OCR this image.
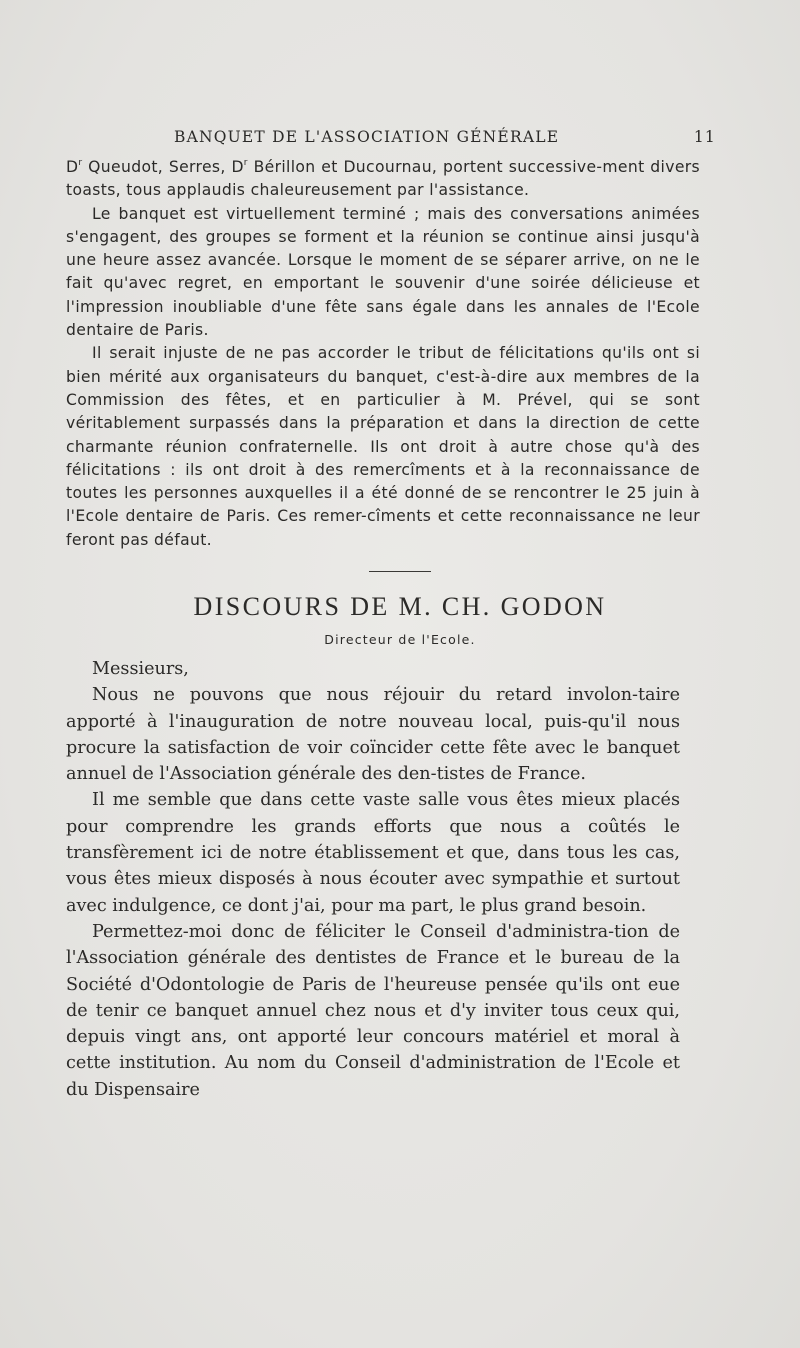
BANQUET DE L'ASSOCIATION GÉNÉRALE	11

$D^r$ Queudot, Serres, $D^r$ Bérillon et Ducournau, portent successive-ment divers toasts, tous applaudis chaleureusement par l'assistance.

Le banquet est virtuellement terminé ; mais des conversations animées s'engagent, des groupes se forment et la réunion se continue ainsi jusqu'à une heure assez avancée. Lorsque le moment de se séparer arrive, on ne le fait qu'avec regret, en emportant le souvenir d'une soirée délicieuse et l'impression inoubliable d'une fête sans égale dans les annales de l'Ecole dentaire de Paris.

Il serait injuste de ne pas accorder le tribut de félicitations qu'ils ont si bien mérité aux organisateurs du banquet, c'est-à-dire aux membres de la Commission des fêtes, et en particulier à M. Prével, qui se sont véritablement surpassés dans la préparation et dans la direction de cette charmante réunion confraternelle. Ils ont droit à autre chose qu'à des félicitations : ils ont droit à des remercîments et à la reconnaissance de toutes les personnes auxquelles il a été donné de se rencontrer le 25 juin à l'Ecole dentaire de Paris. Ces remer-cîments et cette reconnaissance ne leur feront pas défaut.

DISCOURS DE M. CH. GODON
Directeur de l'Ecole.

Messieurs,

Nous ne pouvons que nous réjouir du retard involon-taire apporté à l'inauguration de notre nouveau local, puis-qu'il nous procure la satisfaction de voir coïncider cette fête avec le banquet annuel de l'Association générale des den-tistes de France.

Il me semble que dans cette vaste salle vous êtes mieux placés pour comprendre les grands efforts que nous a coûtés le transfèrement ici de notre établissement et que, dans tous les cas, vous êtes mieux disposés à nous écouter avec sympathie et surtout avec indulgence, ce dont j'ai, pour ma part, le plus grand besoin.

Permettez-moi donc de féliciter le Conseil d'administra-tion de l'Association générale des dentistes de France et le bureau de la Société d'Odontologie de Paris de l'heureuse pensée qu'ils ont eue de tenir ce banquet annuel chez nous et d'y inviter tous ceux qui, depuis vingt ans, ont apporté leur concours matériel et moral à cette institution. Au nom du Conseil d'administration de l'Ecole et du Dispensaire
